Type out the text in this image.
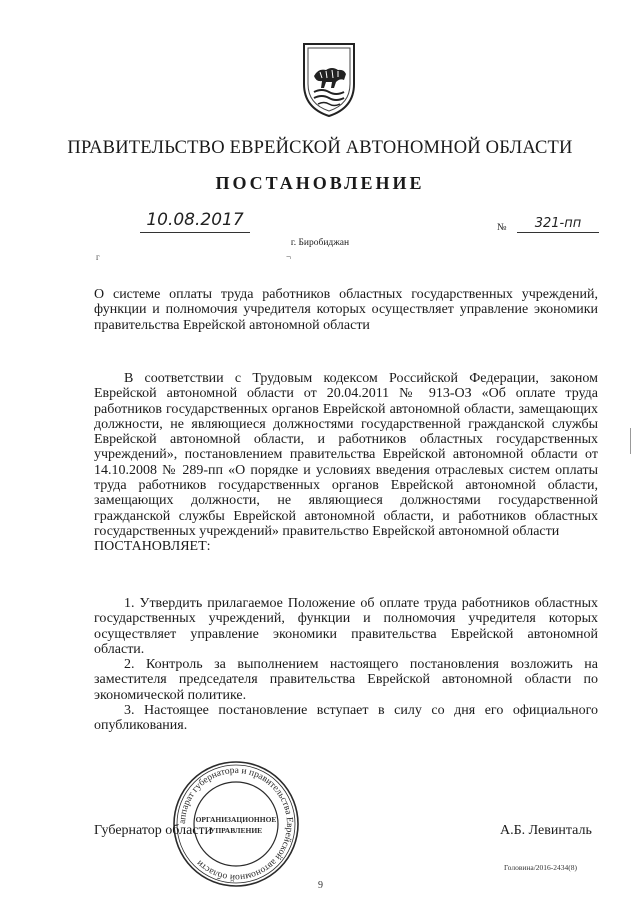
ПРАВИТЕЛЬСТВО ЕВРЕЙСКОЙ АВТОНОМНОЙ ОБЛАСТИ
ПОСТАНОВЛЕНИЕ
10.08.2017	№	321-пп
г. Биробиджан
г	¬
О системе оплаты труда работников областных государственных учреждений, функции и полномочия учредителя которых осуществляет управление экономики правительства Еврейской автономной области

В соответствии с Трудовым кодексом Российской Федерации, законом Еврейской автономной области от 20.04.2011 № 913-ОЗ «Об оплате труда работников государственных органов Еврейской автономной области, замещающих должности, не являющиеся должностями государственной гражданской службы Еврейской автономной области, и работников областных государственных учреждений», постановлением правительства Еврейской автономной области от 14.10.2008 № 289-пп «О порядке и условиях введения отраслевых систем оплаты труда работников государственных органов Еврейской автономной области, замещающих должности, не являющиеся должностями государственной гражданской службы Еврейской автономной области, и работников областных государственных учреждений» правительство Еврейской автономной области

ПОСТАНОВЛЯЕТ:

1. Утвердить прилагаемое Положение об оплате труда работников областных государственных учреждений, функции и полномочия учредителя которых осуществляет управление экономики правительства Еврейской автономной области.

2. Контроль за выполнением настоящего постановления возложить на заместителя председателя правительства Еврейской автономной области по экономической политике.

3. Настоящее постановление вступает в силу со дня его официального опубликования.

аппарат губернатора и правительства Еврейской автономной области
ОРГАНИЗАЦИОННОЕ
УПРАВЛЕНИЕ
Губернатор области	А.Б. Левинталь
Головина/2016-2434(8)
9
